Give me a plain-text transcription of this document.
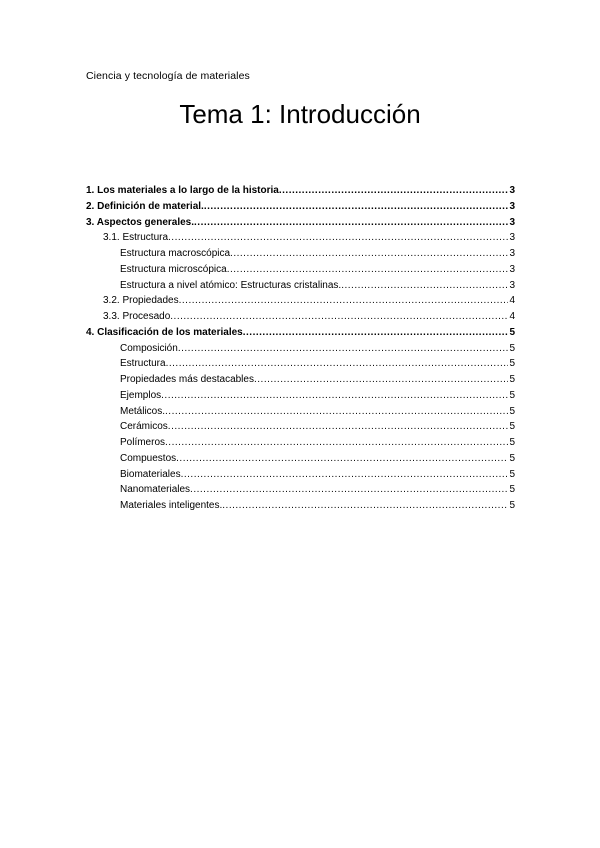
Ciencia y tecnología de materiales
Tema 1: Introducción
1. Los materiales a lo largo de la historia .....	3
2. Definición de material. .....	3
3. Aspectos generales. .....	3
3.1. Estructura .....	3
Estructura macroscópica .....	3
Estructura microscópica .....	3
Estructura a nivel atómico: Estructuras cristalinas. .....	3
3.2. Propiedades .....	4
3.3. Procesado .....	4
4. Clasificación de los materiales .....	5
Composición .....	5
Estructura .....	5
Propiedades más destacables .....	5
Ejemplos .....	5
Metálicos. .....	5
Cerámicos .....	5
Polímeros .....	5
Compuestos .....	5
Biomateriales .....	5
Nanomateriales .....	5
Materiales inteligentes. .....	5
